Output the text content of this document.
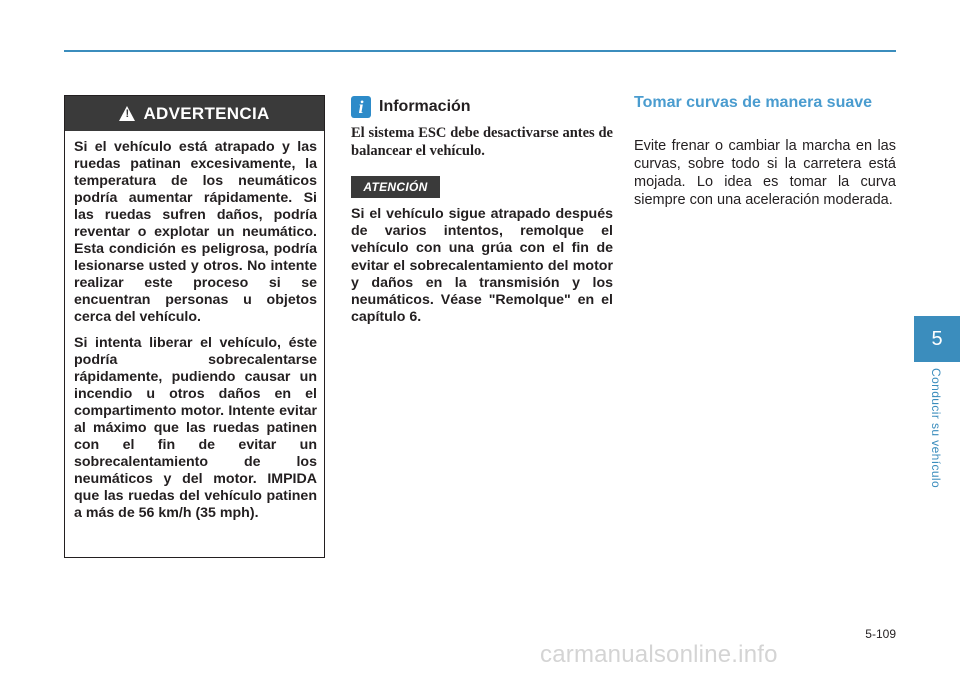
! ADVERTENCIA

Si el vehículo está atrapado y las ruedas patinan excesivamente, la temperatura de los neumáticos podría aumentar rápidamente. Si las ruedas sufren daños, podría reventar o explotar un neumático. Esta condición es peligrosa, podría lesionarse usted y otros. No intente realizar este proceso si se encuentran personas u objetos cerca del vehículo.

Si intenta liberar el vehículo, éste podría sobrecalentarse rápidamente, pudiendo causar un incendio u otros daños en el compartimento motor. Intente evitar al máximo que las ruedas patinen con el fin de evitar un sobrecalentamiento de los neumáticos y del motor. IMPIDA que las ruedas del vehículo patinen a más de 56 km/h (35 mph).

i Información

El sistema ESC debe desactivarse antes de balancear el vehículo.

ATENCIÓN

Si el vehículo sigue atrapado después de varios intentos, remolque el vehículo con una grúa con el fin de evitar el sobrecalentamiento del motor y daños en la transmisión y los neumáticos. Véase "Remolque" en el capítulo 6.

Tomar curvas de manera suave

Evite frenar o cambiar la marcha en las curvas, sobre todo si la carretera está mojada. Lo idea es tomar la curva siempre con una aceleración moderada.

5
Conducir su vehículo
5-109
carmanualsonline.info
